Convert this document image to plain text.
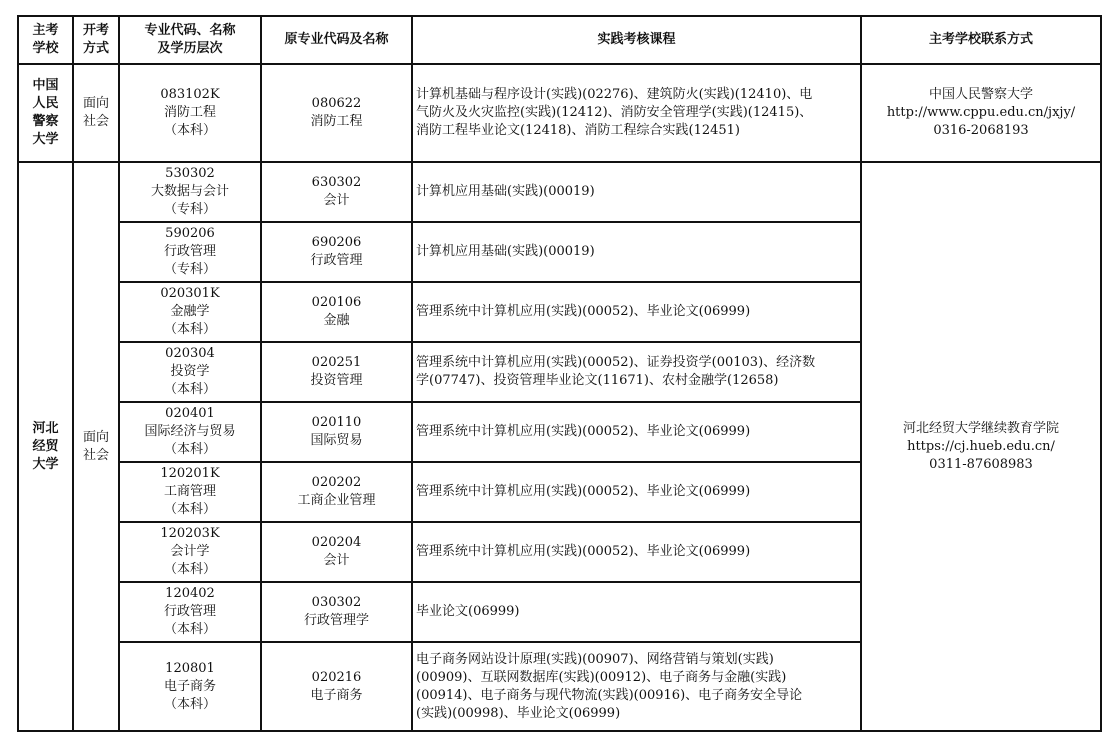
主考
学校	开考
方式	专业代码、名称
及学历层次	原专业代码及名称	实践考核课程	主考学校联系方式

中国
人民
警察
大学	面向
社会	083102K
消防工程
（本科）	080622
消防工程	计算机基础与程序设计(实践)(02276)、建筑防火(实践)(12410)、电
气防火及火灾监控(实践)(12412)、消防安全管理学(实践)(12415)、
消防工程毕业论文(12418)、消防工程综合实践(12451)	中国人民警察大学
http://www.cppu.edu.cn/jxjy/
0316-2068193

河北
经贸
大学	面向
社会	530302
大数据与会计
（专科）	630302
会计	计算机应用基础(实践)(00019)	河北经贸大学继续教育学院
https://cj.hueb.edu.cn/
0311-87608983

		590206
行政管理
（专科）	690206
行政管理	计算机应用基础(实践)(00019)	

		020301K
金融学
（本科）	020106
金融	管理系统中计算机应用(实践)(00052)、毕业论文(06999)	

		020304
投资学
（本科）	020251
投资管理	管理系统中计算机应用(实践)(00052)、证券投资学(00103)、经济数
学(07747)、投资管理毕业论文(11671)、农村金融学(12658)	

		020401
国际经济与贸易
（本科）	020110
国际贸易	管理系统中计算机应用(实践)(00052)、毕业论文(06999)	

		120201K
工商管理
（本科）	020202
工商企业管理	管理系统中计算机应用(实践)(00052)、毕业论文(06999)	

		120203K
会计学
（本科）	020204
会计	管理系统中计算机应用(实践)(00052)、毕业论文(06999)	

		120402
行政管理
（本科）	030302
行政管理学	毕业论文(06999)	

		120801
电子商务
（本科）	020216
电子商务	电子商务网站设计原理(实践)(00907)、网络营销与策划(实践)
(00909)、互联网数据库(实践)(00912)、电子商务与金融(实践)
(00914)、电子商务与现代物流(实践)(00916)、电子商务安全导论
(实践)(00998)、毕业论文(06999)	
